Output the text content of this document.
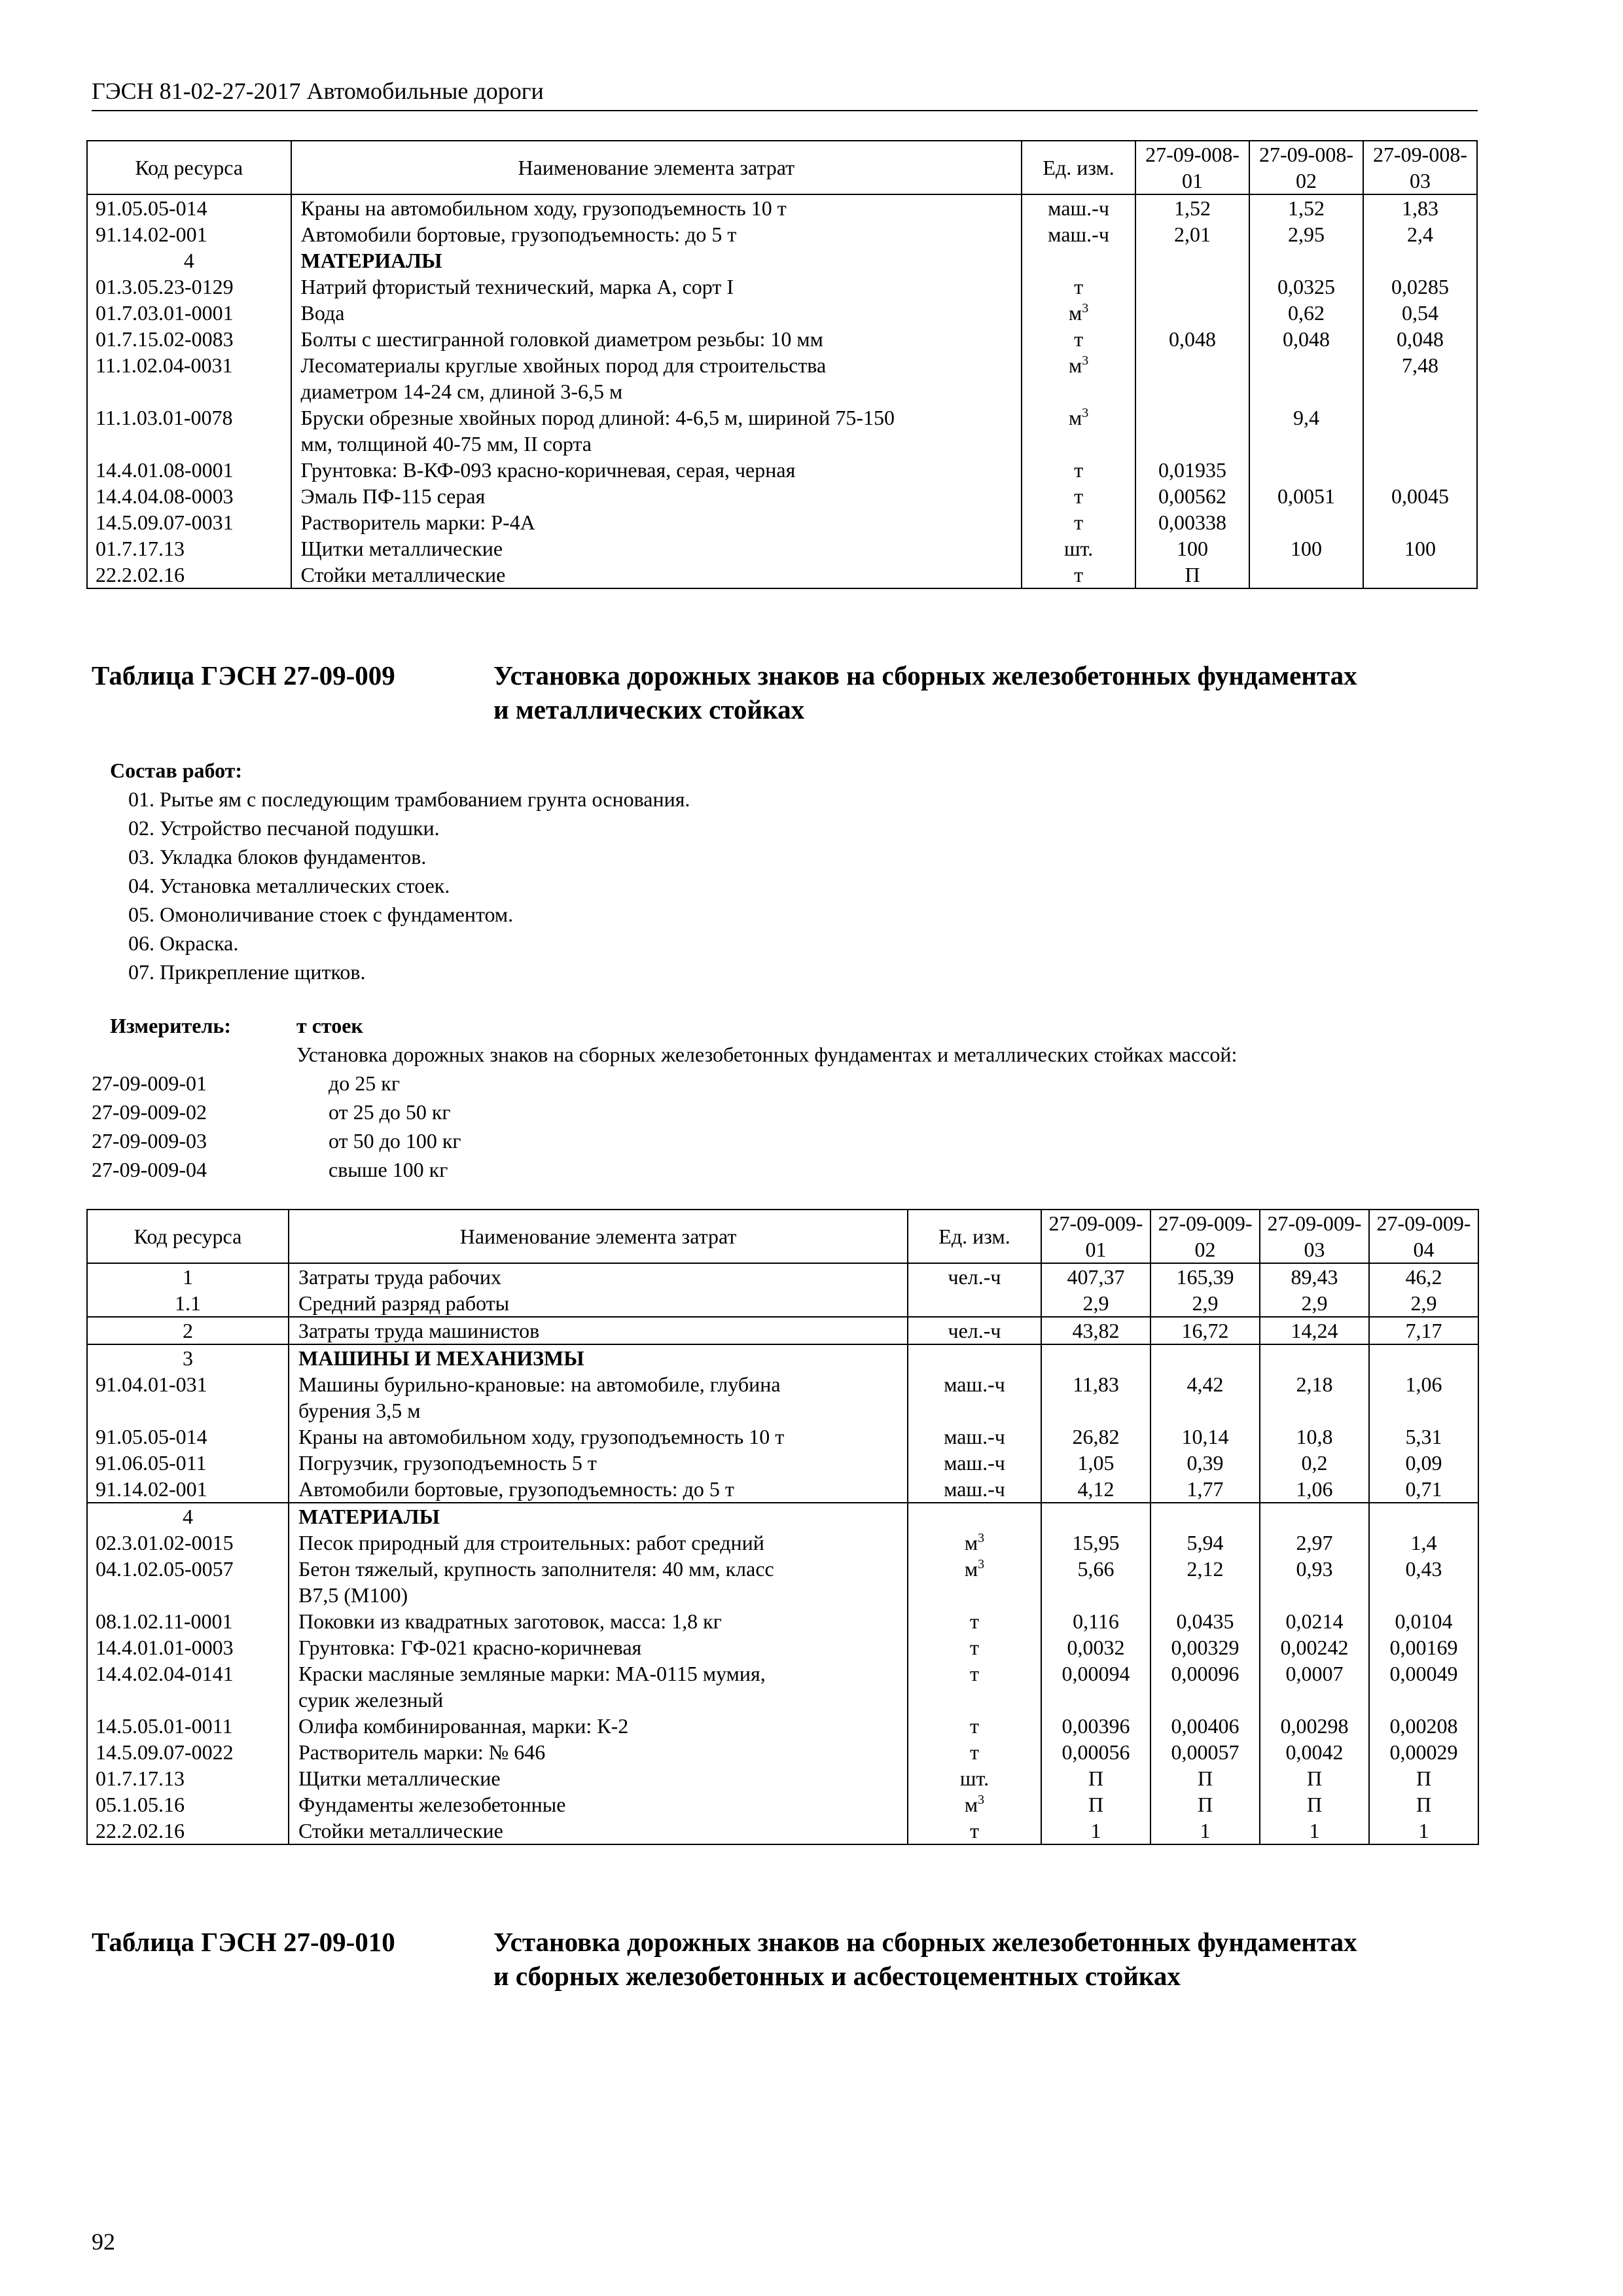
ГЭСН 81-02-27-2017 Автомобильные дороги
Код ресурса	Наименование элемента затрат	Ед. изм.	27-09-008-01	27-09-008-02	27-09-008-03
91.05.05-014	Краны на автомобильном ходу, грузоподъемность 10 т	маш.-ч	1,52	1,52	1,83
91.14.02-001	Автомобили бортовые, грузоподъемность: до 5 т	маш.-ч	2,01	2,95	2,4
4	МАТЕРИАЛЫ				

01.3.05.23-0129	Натрий фтористый технический, марка А, сорт I	т		0,0325	0,0285
01.7.03.01-0001	Вода	$м^3$		0,62	0,54
01.7.15.02-0083	Болты с шестигранной головкой диаметром резьбы: 10 мм	т	0,048	0,048	0,048
11.1.02.04-0031	Лесоматериалы круглые хвойных пород для строительства
диаметром 14-24 см, длиной 3-6,5 м	$м^3$			7,48
11.1.03.01-0078	Бруски обрезные хвойных пород длиной: 4-6,5 м, шириной 75-150
мм, толщиной 40-75 мм, II сорта	$м^3$		9,4	
14.4.01.08-0001	Грунтовка: В-КФ-093 красно-коричневая, серая, черная	т	0,01935		
14.4.04.08-0003	Эмаль ПФ-115 серая	т	0,00562	0,0051	0,0045
14.5.09.07-0031	Растворитель марки: Р-4А	т	0,00338		
01.7.17.13	Щитки металлические	шт.	100	100	100
22.2.02.16	Стойки металлические	т	П		
Таблица ГЭСН 27-09-009	Установка дорожных знаков на сборных железобетонных фундаментах
и металлических стойках
Состав работ:
01. Рытье ям с последующим трамбованием грунта основания.
02. Устройство песчаной подушки.
03. Укладка блоков фундаментов.
04. Установка металлических стоек.
05. Омоноличивание стоек с фундаментом.
06. Окраска.
07. Прикрепление щитков.
Измеритель:	т стоек
Установка дорожных знаков на сборных железобетонных фундаментах и металлических стойках массой:
27-09-009-01	до 25 кг
27-09-009-02	от 25 до 50 кг
27-09-009-03	от 50 до 100 кг
27-09-009-04	свыше 100 кг
Код ресурса	Наименование элемента затрат	Ед. изм.	27-09-009-01	27-09-009-02	27-09-009-03	27-09-009-04
1	Затраты труда рабочих	чел.-ч	407,37	165,39	89,43	46,2
1.1	Средний разряд работы		2,9	2,9	2,9	2,9
2	Затраты труда машинистов	чел.-ч	43,82	16,72	14,24	7,17
3	МАШИНЫ И МЕХАНИЗМЫ					

91.04.01-031	Машины бурильно-крановые: на автомобиле, глубина
бурения 3,5 м	маш.-ч	11,83	4,42	2,18	1,06
91.05.05-014	Краны на автомобильном ходу, грузоподъемность 10 т	маш.-ч	26,82	10,14	10,8	5,31
91.06.05-011	Погрузчик, грузоподъемность 5 т	маш.-ч	1,05	0,39	0,2	0,09
91.14.02-001	Автомобили бортовые, грузоподъемность: до 5 т	маш.-ч	4,12	1,77	1,06	0,71
4	МАТЕРИАЛЫ					

02.3.01.02-0015	Песок природный для строительных: работ средний	$м^3$	15,95	5,94	2,97	1,4
04.1.02.05-0057	Бетон тяжелый, крупность заполнителя: 40 мм, класс
В7,5 (М100)	$м^3$	5,66	2,12	0,93	0,43
08.1.02.11-0001	Поковки из квадратных заготовок, масса: 1,8 кг	т	0,116	0,0435	0,0214	0,0104
14.4.01.01-0003	Грунтовка: ГФ-021 красно-коричневая	т	0,0032	0,00329	0,00242	0,00169
14.4.02.04-0141	Краски масляные земляные марки: МА-0115 мумия,
сурик железный	т	0,00094	0,00096	0,0007	0,00049
14.5.05.01-0011	Олифа комбинированная, марки: К-2	т	0,00396	0,00406	0,00298	0,00208
14.5.09.07-0022	Растворитель марки: № 646	т	0,00056	0,00057	0,0042	0,00029
01.7.17.13	Щитки металлические	шт.	П	П	П	П
05.1.05.16	Фундаменты железобетонные	$м^3$	П	П	П	П
22.2.02.16	Стойки металлические	т	1	1	1	1
Таблица ГЭСН 27-09-010	Установка дорожных знаков на сборных железобетонных фундаментах
и сборных железобетонных и асбестоцементных стойках
92
